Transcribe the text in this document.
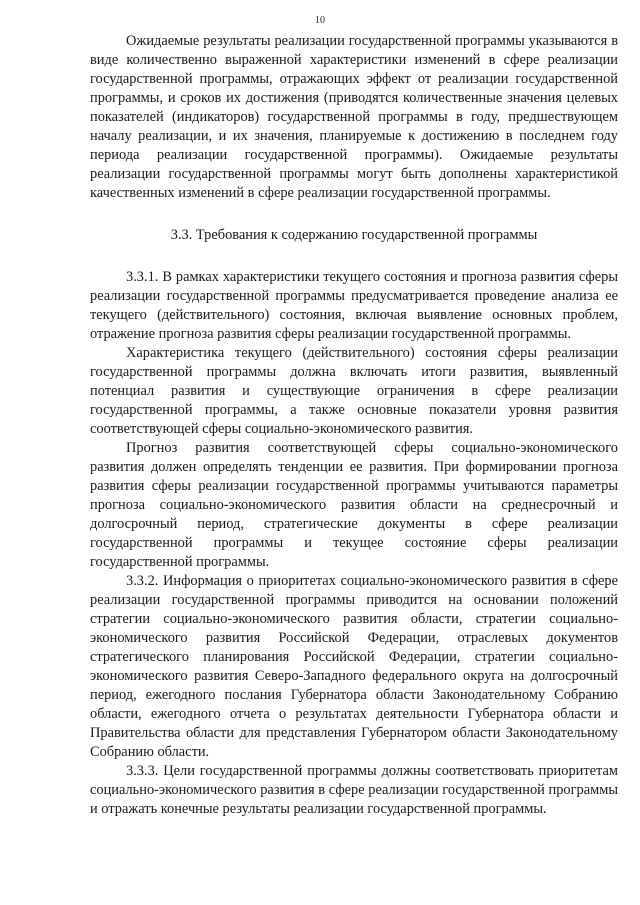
10

Ожидаемые результаты реализации государственной программы указываются в виде количественно выраженной характеристики изменений в сфере реализации государственной программы, отражающих эффект от реализации государственной программы, и сроков их достижения (приводятся количественные значения целевых показателей (индикаторов) государственной программы в году, предшествующем началу реализации, и их значения, планируемые к достижению в последнем году периода реализации государственной программы). Ожидаемые результаты реализации государственной программы могут быть дополнены характеристикой качественных изменений в сфере реализации государственной программы.

3.3. Требования к содержанию государственной программы

3.3.1. В рамках характеристики текущего состояния и прогноза развития сферы реализации государственной программы предусматривается проведение анализа ее текущего (действительного) состояния, включая выявление основных проблем, отражение прогноза развития сферы реализации государственной программы.

Характеристика текущего (действительного) состояния сферы реализации государственной программы должна включать итоги развития, выявленный потенциал развития и существующие ограничения в сфере реализации государственной программы, а также основные показатели уровня развития соответствующей сферы социально-экономического развития.

Прогноз развития соответствующей сферы социально-экономического развития должен определять тенденции ее развития. При формировании прогноза развития сферы реализации государственной программы учитываются параметры прогноза социально-экономического развития области на среднесрочный и долгосрочный период, стратегические документы в сфере реализации государственной программы и текущее состояние сферы реализации государственной программы.

3.3.2. Информация о приоритетах социально-экономического развития в сфере реализации государственной программы приводится на основании положений стратегии социально-экономического развития области, стратегии социально-экономического развития Российской Федерации, отраслевых документов стратегического планирования Российской Федерации, стратегии социально-экономического развития Северо-Западного федерального округа на долгосрочный период, ежегодного послания Губернатора области Законодательному Собранию области, ежегодного отчета о результатах деятельности Губернатора области и Правительства области для представления Губернатором области Законодательному Собранию области.

3.3.3. Цели государственной программы должны соответствовать приоритетам социально-экономического развития в сфере реализации государственной программы и отражать конечные результаты реализации государственной программы.
